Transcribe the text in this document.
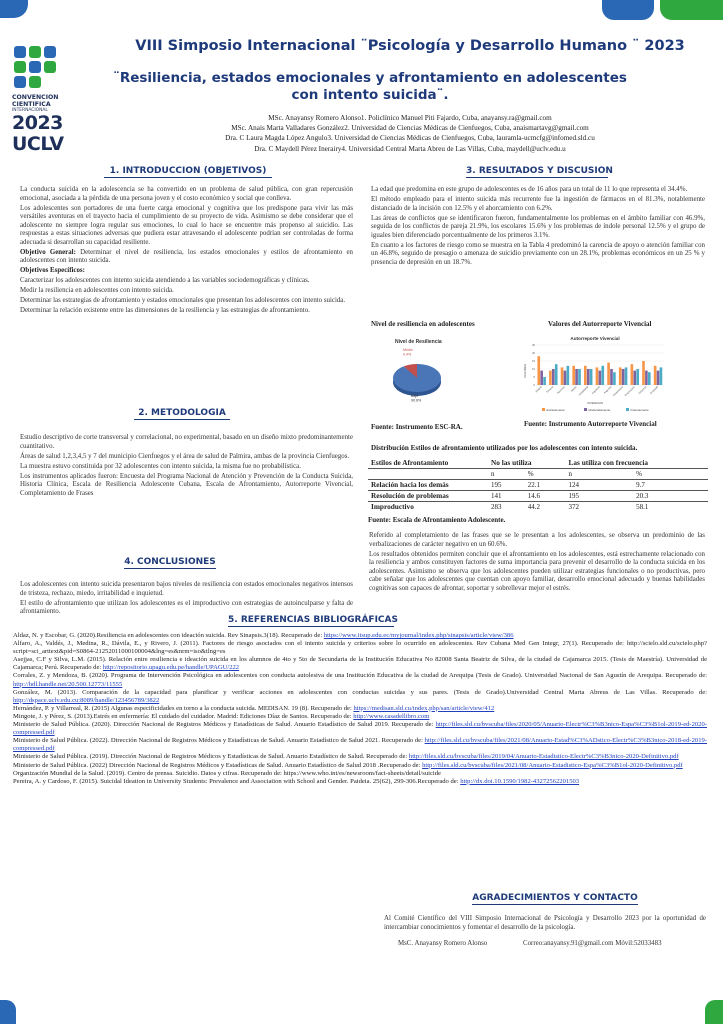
CONVENCION
CIENTIFICA
INTERNACIONAL
2023
UCLV
VIII Simposio Internacional ¨Psicología y Desarrollo Humano ¨ 2023
¨Resiliencia, estados emocionales y afrontamiento en adolescentes con intento suicida¨.
MSc. Anayansy Romero Alonso1. Policlínico Manuel Piti Fajardo, Cuba, anayansy.ra@gmail.com
MSc. Anais Marta Valladares González2. Universidad de Ciencias Médicas de Cienfuegos, Cuba, anaismartavg@gmail.com
Dra. C Laura Magda López Angulo3. Universidad de Ciencias Médicas de Cienfuegos, Cuba, lauramla-ucmcfg@infomed.sld.cu
Dra. C Maydell Pérez Inerairy4. Universidad Central Marta Abreu de Las Villas, Cuba, maydell@uclv.edu.u
1. INTRODUCCION (OBJETIVOS)
La conducta suicida en la adolescencia se ha convertido en un problema de salud pública, con gran repercusión emocional, asociada a la pérdida de una persona joven y el costo económico y social que conlleva.
Los adolescentes son portadores de una fuerte carga emocional y cognitiva que los predispone para vivir las más versátiles aventuras en el trayecto hacia el cumplimiento de su proyecto de vida. Asimismo se debe considerar que el adolescente no siempre logra regular sus emociones, lo cual lo hace se encuentre más propenso al suicidio. Las respuestas a estas situaciones adversas que pudiera estar atravesando el adolescente podrían ser controladas de forma adecuada si desarrollan su capacidad resiliente.
Objetivo General: Determinar el nivel de resiliencia, los estados emocionales y estilos de afrontamiento en adolescentes con intento suicida.
Objetivos Específicos:
Caracterizar los adolescentes con intento suicida atendiendo a las variables sociodemográficas y clínicas.
Medir la resiliencia en adolescentes con intento suicida.
Determinar las estrategias de afrontamiento y estados emocionales que presentan los adolescentes con intento suicida.
Determinar la relación existente entre las dimensiones de la resiliencia y las estrategias de afrontamiento.
2. METODOLOGIA
Estudio descriptivo de corte transversal y correlacional, no experimental, basado en un diseño mixto predominantemente cuantitativo.
Áreas de salud 1,2,3,4,5 y 7 del municipio Cienfuegos y el área de salud de Palmira, ambas de la provincia Cienfuegos.
La muestra estuvo constituida por 32 adolescentes con intento suicida, la misma fue no probabilística.
Los instrumentos aplicados fueron: Encuesta del Programa Nacional de Atención y Prevención de la Conducta Suicida, Historia Clínica, Escala de Resiliencia Adolescente Cubana, Escala de Afrontamiento, Autorreporte Vivencial, Completamiento de Frases
4. CONCLUSIONES
Los adolescentes con intento suicida presentaron bajos niveles de resiliencia con estados emocionales negativos intensos de tristeza, rechazo, miedo, irritabilidad e inquietud.
El estilo de afrontamiento que utilizan los adolescentes es el improductivo con estrategias de autoinculparse y falta de afrontamiento.
3. RESULTADOS Y DISCUSION
La edad que predomina en este grupo de adolescentes es de 16 años para un total de 11 lo que representa el 34.4%.
El método empleado para el intento suicida más recurrente fue la ingestión de fármacos en el 81.3%, notablemente distanciado de la incisión con 12.5% y el ahorcamiento con 6.2%.
Las áreas de conflictos que se identificaron fueron, fundamentalmente los problemas en el ámbito familiar con 46.9%, seguida de los conflictos de pareja 21.9%, los escolares 15.6% y los problemas de índole personal 12.5% y el grupo de iguales bien diferenciado porcentualmente de los primeros 3.1%.
En cuanto a los factores de riesgo como se muestra en la Tabla 4 predominó la carencia de apoyo o atención familiar con un 46.8%, seguido de presagio o amenaza de suicidio previamente con un 28.1%, problemas económicos en un 25 % y presencia de depresión en un 18.7%.
Nivel de resiliencia en adolescentes	Valores del Autorreporte Vivencial
Nivel de Resiliencia
Medio
9.4%
Bajo
90.6%
Autorreporte Vivencial
VALORES
VIVENCIAS
0
5
10
15
20
25
Alegría Tristeza Rechazo Miedo Irritabilidad Inquietud Angustia Abatimiento Entusiasmo Sorpresa Ansiedad
Escasamente	Moderadamente	Intensamente
Fuente: Instrumento ESC-RA.	Fuente: Instrumento Autorreporte Vivencial
Distribución Estilos de afrontamiento utilizados por los adolescentes con intento suicida.
Estilos de Afrontamiento	No las utiliza		Las utiliza con frecuencia	
	n	%	n	%
Relación hacia los demás	195	22.1	124	9.7
Resolución de problemas	141	14.6	195	20.3
Improductivo	283	44.2	372	58.1
Fuente: Escala de Afrontamiento Adolescente.
Referido al completamiento de las frases que se le presentan a los adolescentes, se observa un predominio de las verbalizaciones de carácter negativo en un 60.6%.
Los resultados obtenidos permiten concluir que el afrontamiento en los adolescentes, está estrechamente relacionado con la resiliencia y ambos constituyen factores de suma importancia para prevenir el desarrollo de la conducta suicida en los adolescentes. Asimismo se observa que los adolescentes pueden utilizar estrategias funcionales o no productivas, pero cabe señalar que los adolescentes que cuentan con apoyo familiar, desarrollo emocional adecuado y buenas habilidades cognitivas son capaces de afrontar, soportar y sobrellevar mejor el estrés.
5. REFERENCIAS BIBLIOGRÁFICAS
Aldaz, N. y Escobar, G. (2020).Resiliencia en adolescentes con ideación suicida. Rev Sinapsis.3(18). Recuperado de: https://www.itsup.edu.ec/myjournal/index.php/sinapsis/article/view/386
Alfaro, A., Valdés, J., Medina, R., Dávila, E., y Rivero, J. (2011). Factores de riesgo asociados con el intento suicida y criterios sobre lo ocurrido en adolescentes. Rev Cubana Med Gen Integr, 27(1). Recuperado de: http://scielo.sld.cu/scielo.php?script=sci_arttext&pid=S0864-21252011000100004&lng=es&nrm=iso&tlng=es
Asejjas, C.F y Silva, L.M. (2015). Relación entre resiliencia e ideación suicida en los alumnos de 4to y 5to de Secundaria de la Institución Educativa No 82008 Santa Beatriz de Silva, de la ciudad de Cajamarca 2015. (Tesis de Maestría). Universidad de Cajamarca; Perú. Recuperado de: http://repositorio.upagu.edu.pe/handle/UPAGU/222
Corrales, Z. y Mendoza, B. (2020). Programa de Intervención Psicológica en adolescentes con conducta autolesiva de una Institución Educativa de la ciudad de Arequipa (Tesis de Grado). Universidad Nacional de San Agustín de Arequipa. Recuperado de: http://hdl.handle.net/20.500.12773/11555
González, M. (2013). Comparación de la capacidad para planificar y verificar acciones en adolescentes con conductas suicidas y sus pares. (Tesis de Grado).Universidad Central Marta Abreus de Las Villas. Recuperado de: http://dspace.uclv.edu.cu:8089/handle/123456789/3822
Hernández, P. y Villarreal, R. (2015) Algunas especificidades en torno a la conducta suicida. MEDISAN. 19 (8). Recuperado de: https://medisan.sld.cu/index.php/san/article/view/412
Mingote, J. y Pérez, S. (2013).Estrés en enfermería: El cuidado del cuidador. Madrid: Ediciones Díaz de Santos. Recuperado de: http://www.casadellibro.com
Ministerio de Salud Pública. (2020). Dirección Nacional de Registros Médicos y Estadísticas de Salud. Anuario Estadístico de Salud 2019. Recuperado de: http://files.sld.cu/bvscuba/files/2020/05/Anuario-Electr%C3%B3nico-Espa%C3%B1ol-2019-ed-2020-compressed.pdf
Ministerio de Salud Pública. (2022). Dirección Nacional de Registros Médicos y Estadísticas de Salud. Anuario Estadístico de Salud 2021. Recuperado de: http://files.sld.cu/bvscuba/files/2021/08/Anuario-Estad%C3%ADstico-Electr%C3%B3nico-2018-ed-2019-compressed.pdf
Ministerio de Salud Pública. (2019). Dirección Nacional de Registros Médicos y Estadísticas de Salud. Anuario Estadístico de Salud. Recuperado de: http://files.sld.cu/bvscuba/files/2019/04/Anuario-Estadistico-Electr%C3%B3nico-2020-Definitivo.pdf
Ministerio de Salud Pública. (2022) Dirección Nacional de Registros Médicos y Estadísticas de Salud. Anuario Estadístico de Salud 2018 .Recuperado de: http://files.sld.cu/bvscuba/files/2021/08/Anuario-Estadistico-Espa%C3%B1ol-2020-Definitivo.pdf
Organización Mundial de la Salud. (2019). Centro de prensa. Suicidio. Datos y cifras. Recuperado de: https://www.who.int/es/newsroom/fact-sheets/detail/suicide
Pereira, A. y Cardoso, F. (2015). Suicidal Ideation in University Students: Prevalence and Association with School and Gender. Paideia. 25(62), 299-306.Recuperado de: http://dx.doi.10.1590/1982-43272562201503
AGRADECIMIENTOS Y CONTACTO
Al Comité Científico del VIII Simposio Internacional de Psicología y Desarrollo 2023 por la oportunidad de intercambiar conocimientos y fomentar el desarrollo de la psicología.
MsC. Anayansy Romero Alonso	Correo:anayansy.91@gmail.com Móvil:52033483
